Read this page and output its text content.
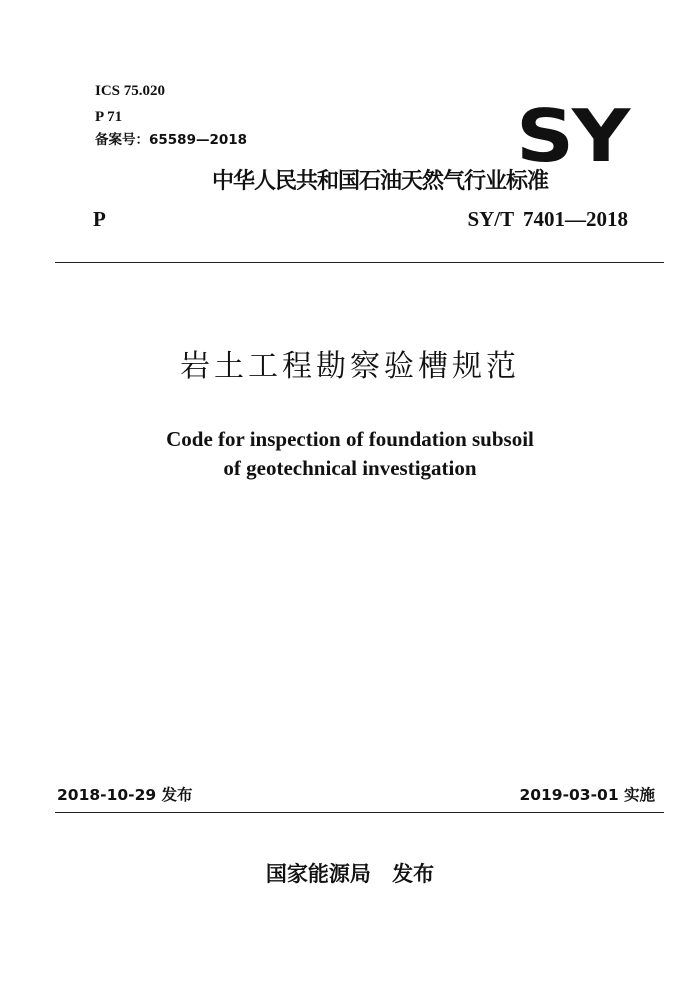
ICS 75.020
P 71
备案号：65589—2018	SY
中华人民共和国石油天然气行业标准
P	SY/T 7401—2018
岩土工程勘察验槽规范
Code for inspection of foundation subsoil
of geotechnical investigation
2018-10-29 发布	2019-03-01 实施
国家能源局 发布
